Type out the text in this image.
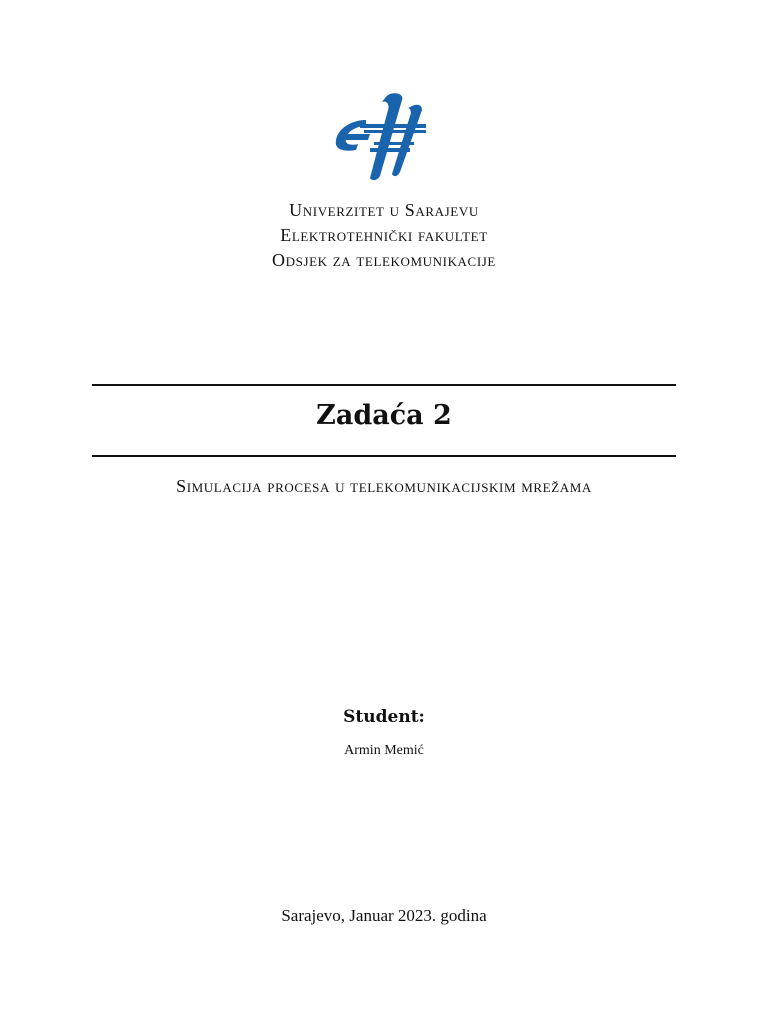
Univerzitet u Sarajevu
Elektrotehnički fakultet
Odsjek za telekomunikacije
Zadaća 2
Simulacija procesa u telekomunikacijskim mrežama
Student:
Armin Memić
Sarajevo, Januar 2023. godina
